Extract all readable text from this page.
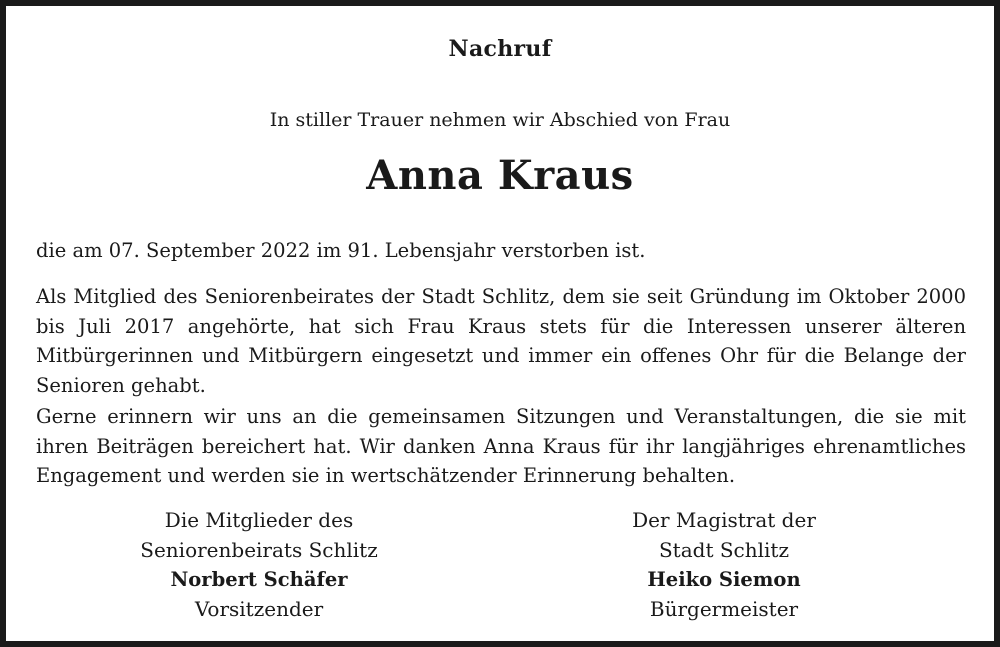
Nachruf
In stiller Trauer nehmen wir Abschied von Frau
Anna Kraus
die am 07. September 2022 im 91. Lebensjahr verstorben ist.
Als Mitglied des Seniorenbeirates der Stadt Schlitz, dem sie seit Gründung im Oktober 2000 bis Juli 2017 angehörte, hat sich Frau Kraus stets für die Interessen unserer älteren Mitbürgerinnen und Mitbürgern eingesetzt und immer ein offenes Ohr für die Belange der Senioren gehabt.
Gerne erinnern wir uns an die gemeinsamen Sitzungen und Veranstaltungen, die sie mit ihren Beiträgen bereichert hat. Wir danken Anna Kraus für ihr langjähriges ehrenamtliches Engagement und werden sie in wertschätzender Erinnerung behalten.
Die Mitglieder des
Seniorenbeirats Schlitz
Norbert Schäfer
Vorsitzender
Der Magistrat der
Stadt Schlitz
Heiko Siemon
Bürgermeister
